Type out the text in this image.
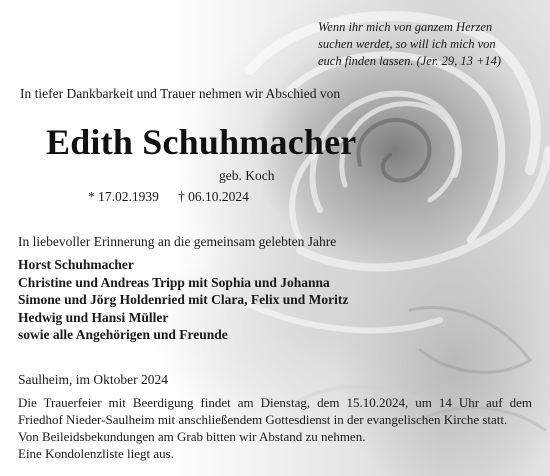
Wenn ihr mich von ganzem Herzen
suchen werdet, so will ich mich von
euch finden lassen. (Jer. 29, 13 +14)
In tiefer Dankbarkeit und Trauer nehmen wir Abschied von
Edith Schuhmacher
geb. Koch
* 17.02.1939 † 06.10.2024
In liebevoller Erinnerung an die gemeinsam gelebten Jahre
Horst Schuhmacher
Christine und Andreas Tripp mit Sophia und Johanna
Simone und Jörg Holdenried mit Clara, Felix und Moritz
Hedwig und Hansi Müller
sowie alle Angehörigen und Freunde
Saulheim, im Oktober 2024
Die Trauerfeier mit Beerdigung findet am Dienstag, dem 15.10.2024, um 14 Uhr auf dem
Friedhof Nieder-Saulheim mit anschließendem Gottesdienst in der evangelischen Kirche statt.
Von Beileidsbekundungen am Grab bitten wir Abstand zu nehmen.
Eine Kondolenzliste liegt aus.
